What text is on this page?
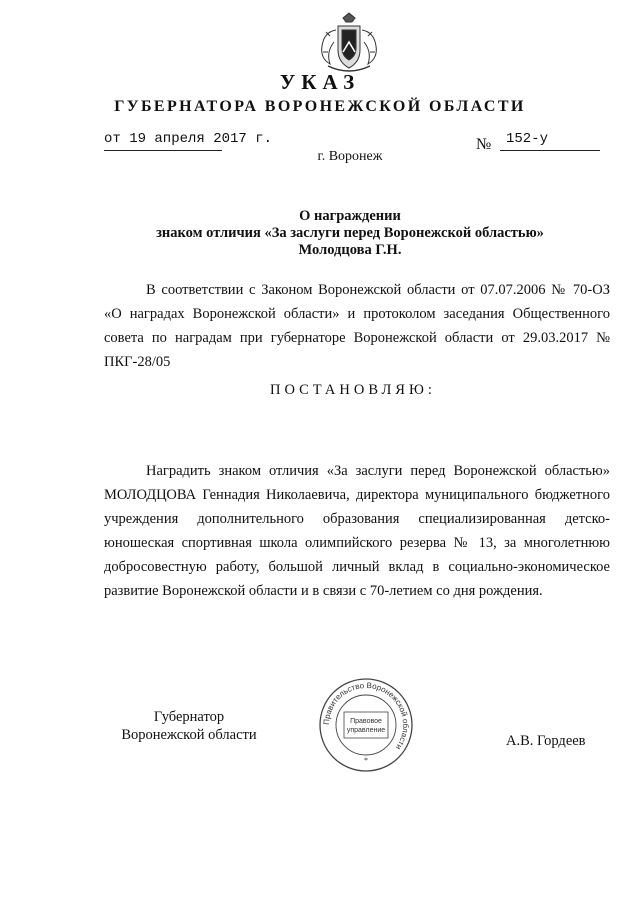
УКАЗ
ГУБЕРНАТОРА ВОРОНЕЖСКОЙ ОБЛАСТИ
от 19 апреля 2017 г.	№ 152-у
г. Воронеж
О награждении
знаком отличия «За заслуги перед Воронежской областью»
Молодцова Г.Н.
В соответствии с Законом Воронежской области от 07.07.2006 № 70-ОЗ «О наградах Воронежской области» и протоколом заседания Общественного совета по наградам при губернаторе Воронежской области от 29.03.2017 № ПКГ-28/05
ПОСТАНОВЛЯЮ:
Наградить знаком отличия «За заслуги перед Воронежской областью» МОЛОДЦОВА Геннадия Николаевича, директора муниципального бюджетного учреждения дополнительного образования специализированная детско-юношеская спортивная школа олимпийского резерва № 13, за многолетнюю добросовестную работу, большой личный вклад в социально-экономическое развитие Воронежской области и в связи с 70-летием со дня рождения.
Губернатор
Воронежской области
Правительство Воронежской области
Правовое
управление
*
А.В. Гордеев
